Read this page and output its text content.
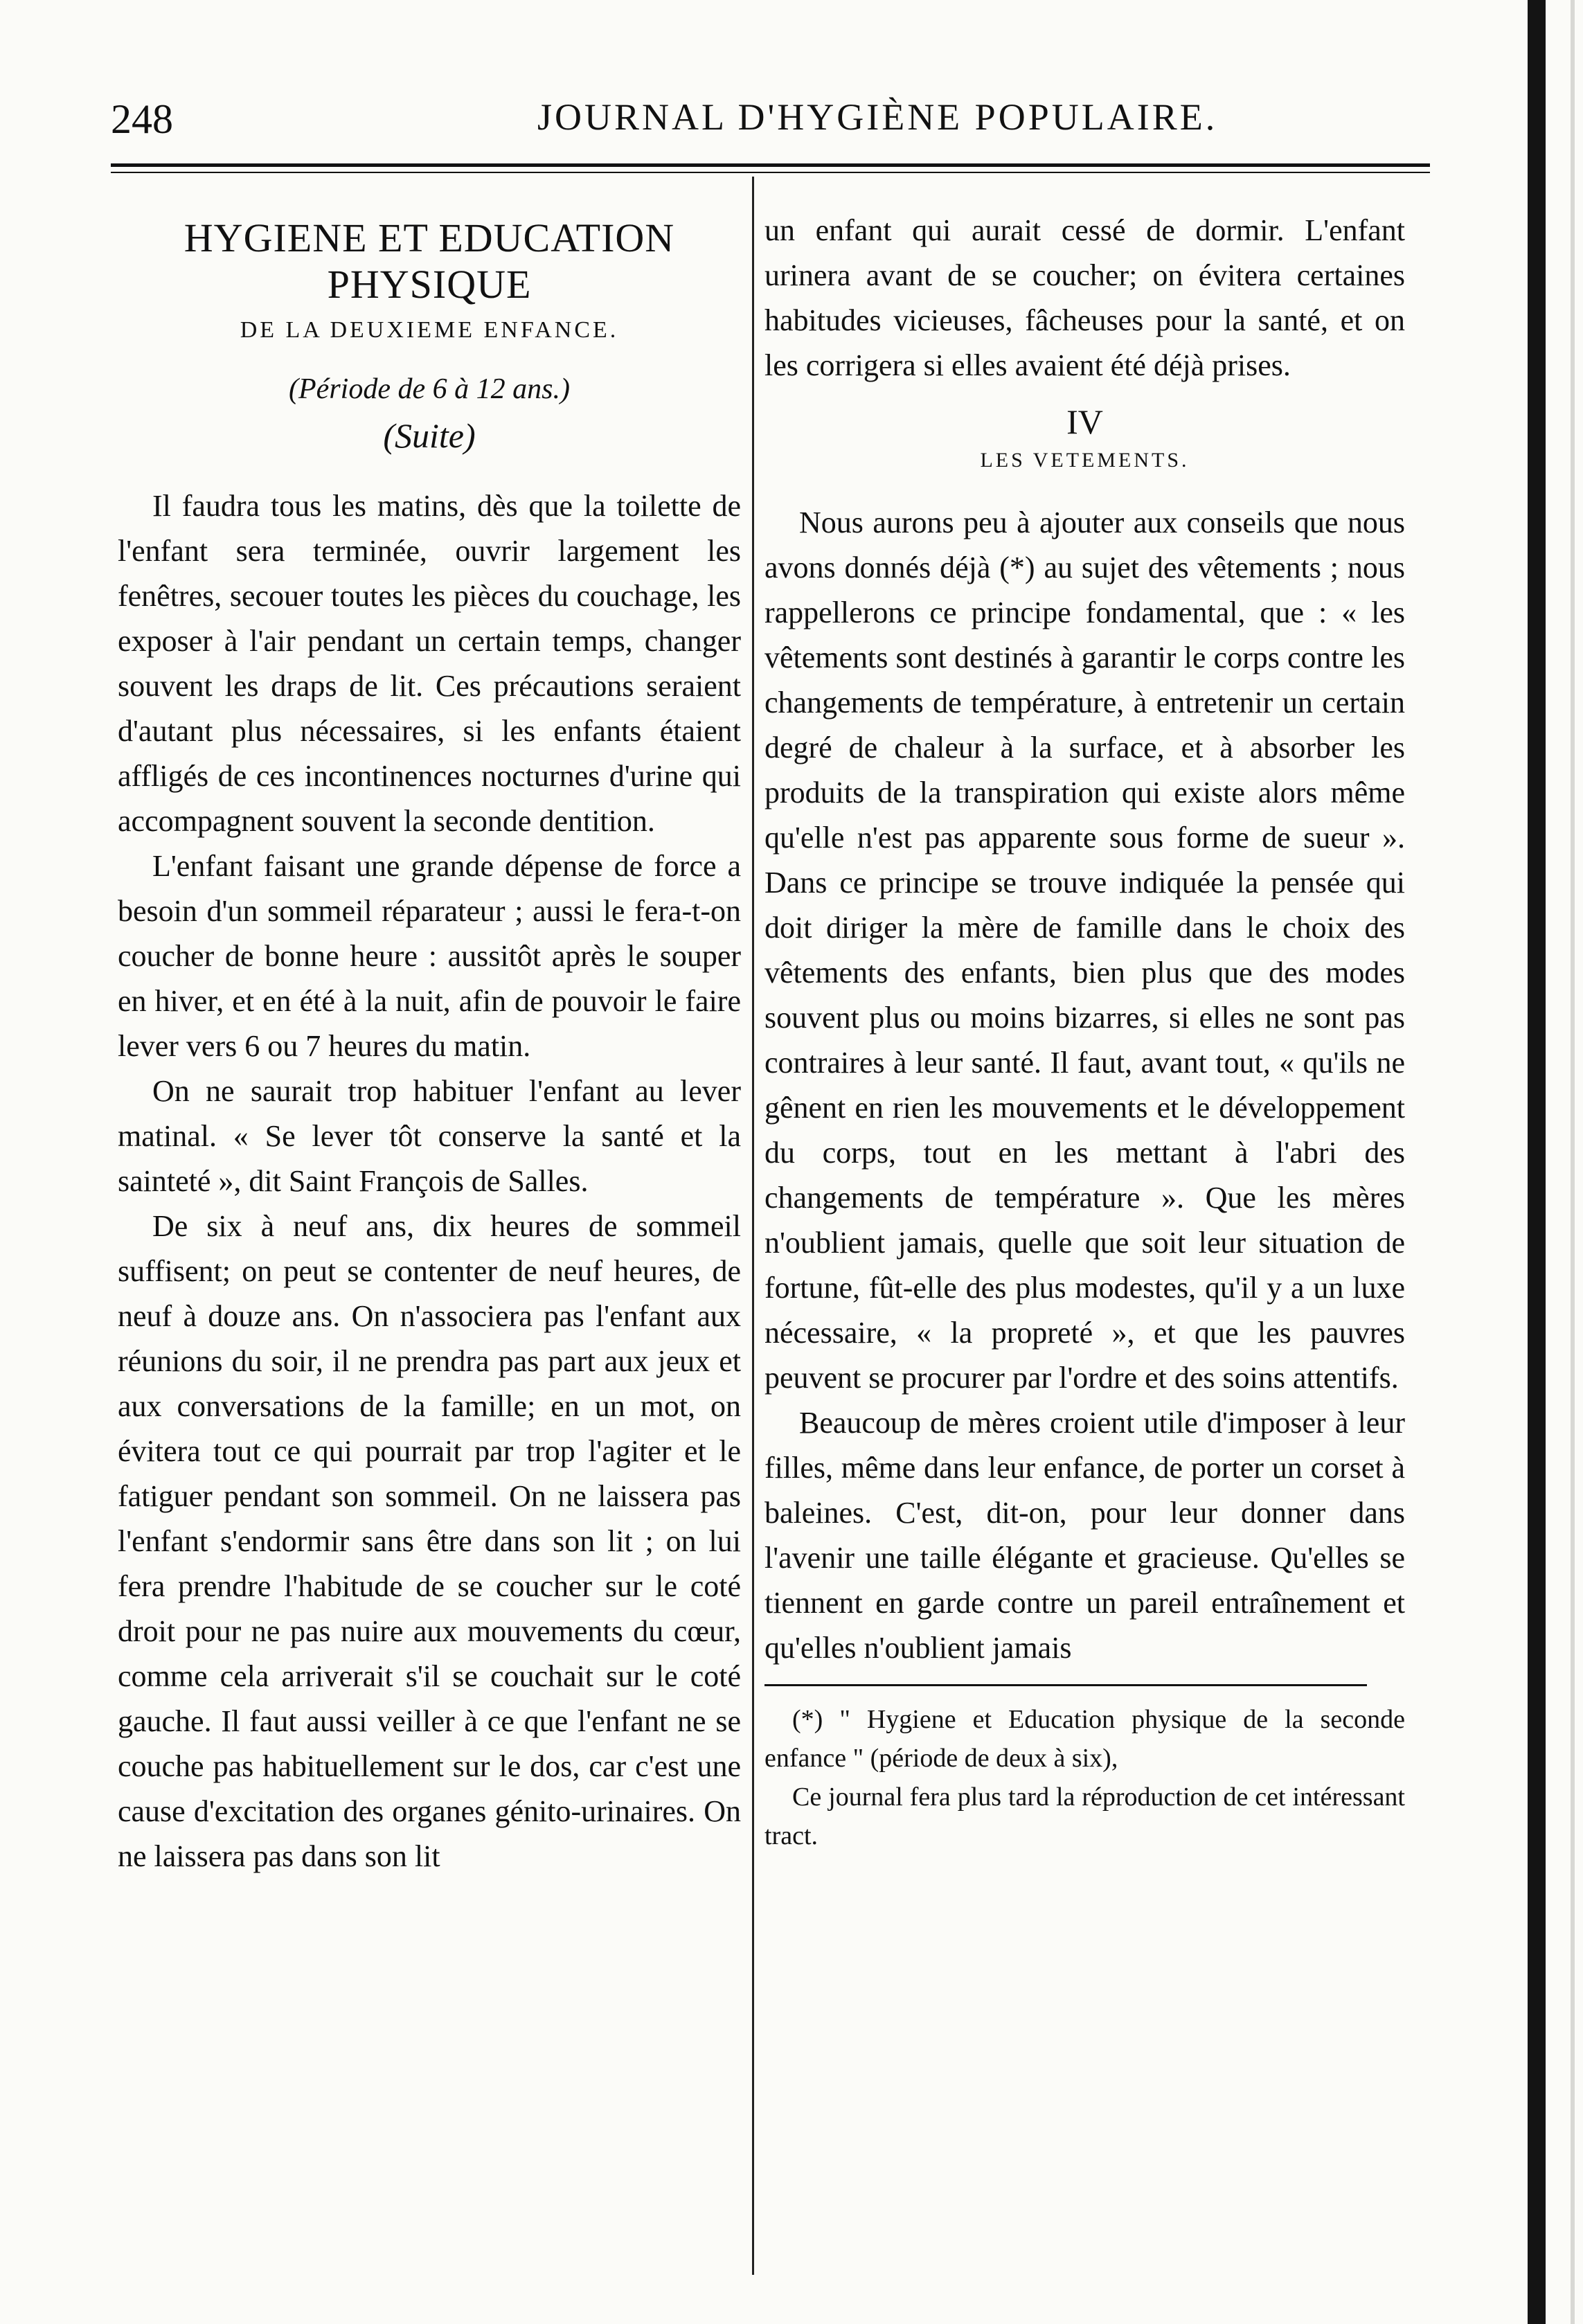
248	JOURNAL D'HYGIÈNE POPULAIRE.
HYGIENE ET EDUCATION PHYSIQUE
DE LA DEUXIEME ENFANCE.
(Période de 6 à 12 ans.)
(Suite)

Il faudra tous les matins, dès que la toilette de l'enfant sera terminée, ouvrir largement les fenêtres, secouer toutes les pièces du couchage, les exposer à l'air pendant un certain temps, changer souvent les draps de lit. Ces précautions seraient d'autant plus nécessaires, si les enfants étaient affligés de ces incontinences nocturnes d'urine qui accompagnent souvent la seconde dentition.

L'enfant faisant une grande dépense de force a besoin d'un sommeil réparateur ; aussi le fera-t-on coucher de bonne heure : aussitôt après le souper en hiver, et en été à la nuit, afin de pouvoir le faire lever vers 6 ou 7 heures du matin.

On ne saurait trop habituer l'enfant au lever matinal. « Se lever tôt conserve la santé et la sainteté », dit Saint François de Salles.

De six à neuf ans, dix heures de sommeil suffisent; on peut se contenter de neuf heures, de neuf à douze ans. On n'associera pas l'enfant aux réunions du soir, il ne prendra pas part aux jeux et aux conversations de la famille; en un mot, on évitera tout ce qui pourrait par trop l'agiter et le fatiguer pendant son sommeil. On ne laissera pas l'enfant s'endormir sans être dans son lit ; on lui fera prendre l'habitude de se coucher sur le coté droit pour ne pas nuire aux mouvements du cœur, comme cela arriverait s'il se couchait sur le coté gauche. Il faut aussi veiller à ce que l'enfant ne se couche pas habituellement sur le dos, car c'est une cause d'excitation des organes génito-urinaires. On ne laissera pas dans son lit

un enfant qui aurait cessé de dormir. L'enfant urinera avant de se coucher; on évitera certaines habitudes vicieuses, fâcheuses pour la santé, et on les corrigera si elles avaient été déjà prises.

IV
LES VETEMENTS.

Nous aurons peu à ajouter aux conseils que nous avons donnés déjà (*) au sujet des vêtements ; nous rappellerons ce principe fondamental, que : « les vêtements sont destinés à garantir le corps contre les changements de température, à entretenir un certain degré de chaleur à la surface, et à absorber les produits de la transpiration qui existe alors même qu'elle n'est pas apparente sous forme de sueur ». Dans ce principe se trouve indiquée la pensée qui doit diriger la mère de famille dans le choix des vêtements des enfants, bien plus que des modes souvent plus ou moins bizarres, si elles ne sont pas contraires à leur santé. Il faut, avant tout, « qu'ils ne gênent en rien les mouvements et le développement du corps, tout en les mettant à l'abri des changements de température ». Que les mères n'oublient jamais, quelle que soit leur situation de fortune, fût-elle des plus modestes, qu'il y a un luxe nécessaire, « la propreté », et que les pauvres peuvent se procurer par l'ordre et des soins attentifs.

Beaucoup de mères croient utile d'imposer à leur filles, même dans leur enfance, de porter un corset à baleines. C'est, dit-on, pour leur donner dans l'avenir une taille élégante et gracieuse. Qu'elles se tiennent en garde contre un pareil entraînement et qu'elles n'oublient jamais

(*) " Hygiene et Education physique de la seconde enfance " (période de deux à six),

Ce journal fera plus tard la réproduction de cet intéressant tract.
